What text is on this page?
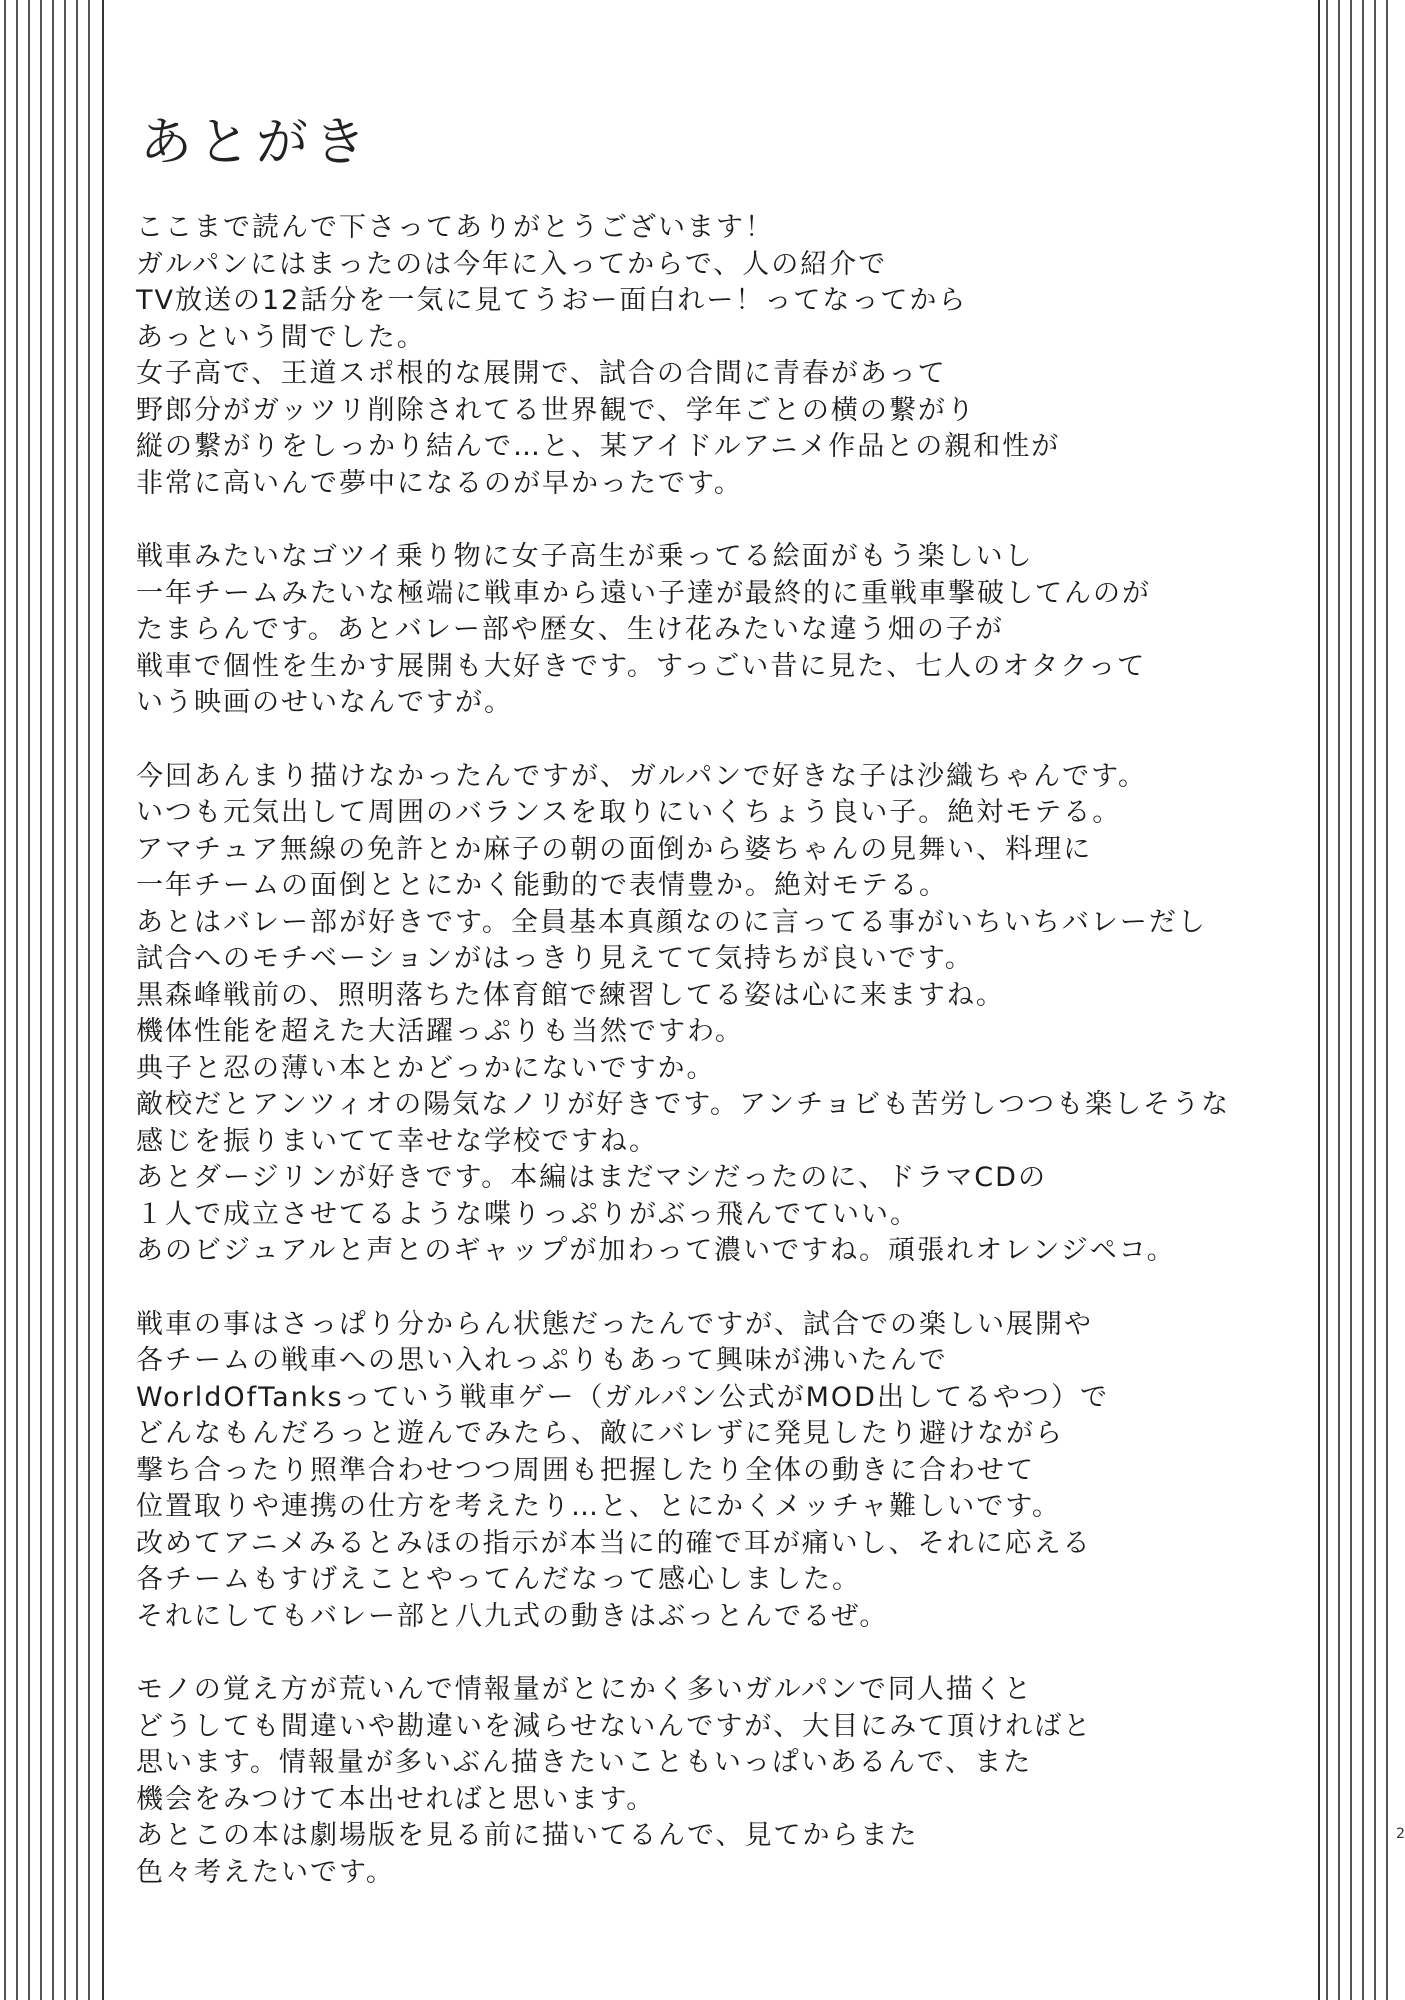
あとがき
ここまで読んで下さってありがとうございます！
ガルパンにはまったのは今年に入ってからで、人の紹介で
TV放送の12話分を一気に見てうおー面白れー！ってなってから
あっという間でした。
女子高で、王道スポ根的な展開で、試合の合間に青春があって
野郎分がガッツリ削除されてる世界観で、学年ごとの横の繋がり
縦の繋がりをしっかり結んで…と、某アイドルアニメ作品との親和性が
非常に高いんで夢中になるのが早かったです。
戦車みたいなゴツイ乗り物に女子高生が乗ってる絵面がもう楽しいし
一年チームみたいな極端に戦車から遠い子達が最終的に重戦車撃破してんのが
たまらんです。あとバレー部や歴女、生け花みたいな違う畑の子が
戦車で個性を生かす展開も大好きです。すっごい昔に見た、七人のオタクって
いう映画のせいなんですが。
今回あんまり描けなかったんですが、ガルパンで好きな子は沙織ちゃんです。
いつも元気出して周囲のバランスを取りにいくちょう良い子。絶対モテる。
アマチュア無線の免許とか麻子の朝の面倒から婆ちゃんの見舞い、料理に
一年チームの面倒ととにかく能動的で表情豊か。絶対モテる。
あとはバレー部が好きです。全員基本真顔なのに言ってる事がいちいちバレーだし
試合へのモチベーションがはっきり見えてて気持ちが良いです。
黒森峰戦前の、照明落ちた体育館で練習してる姿は心に来ますね。
機体性能を超えた大活躍っぷりも当然ですわ。
典子と忍の薄い本とかどっかにないですか。
敵校だとアンツィオの陽気なノリが好きです。アンチョビも苦労しつつも楽しそうな
感じを振りまいてて幸せな学校ですね。
あとダージリンが好きです。本編はまだマシだったのに、ドラマCDの
１人で成立させてるような喋りっぷりがぶっ飛んでていい。
あのビジュアルと声とのギャップが加わって濃いですね。頑張れオレンジペコ。
戦車の事はさっぱり分からん状態だったんですが、試合での楽しい展開や
各チームの戦車への思い入れっぷりもあって興味が沸いたんで
WorldOfTanksっていう戦車ゲー（ガルパン公式がMOD出してるやつ）で
どんなもんだろっと遊んでみたら、敵にバレずに発見したり避けながら
撃ち合ったり照準合わせつつ周囲も把握したり全体の動きに合わせて
位置取りや連携の仕方を考えたり…と、とにかくメッチャ難しいです。
改めてアニメみるとみほの指示が本当に的確で耳が痛いし、それに応える
各チームもすげえことやってんだなって感心しました。
それにしてもバレー部と八九式の動きはぶっとんでるぜ。
モノの覚え方が荒いんで情報量がとにかく多いガルパンで同人描くと
どうしても間違いや勘違いを減らせないんですが、大目にみて頂ければと
思います。情報量が多いぶん描きたいこともいっぱいあるんで、また
機会をみつけて本出せればと思います。
あとこの本は劇場版を見る前に描いてるんで、見てからまた
色々考えたいです。
2
